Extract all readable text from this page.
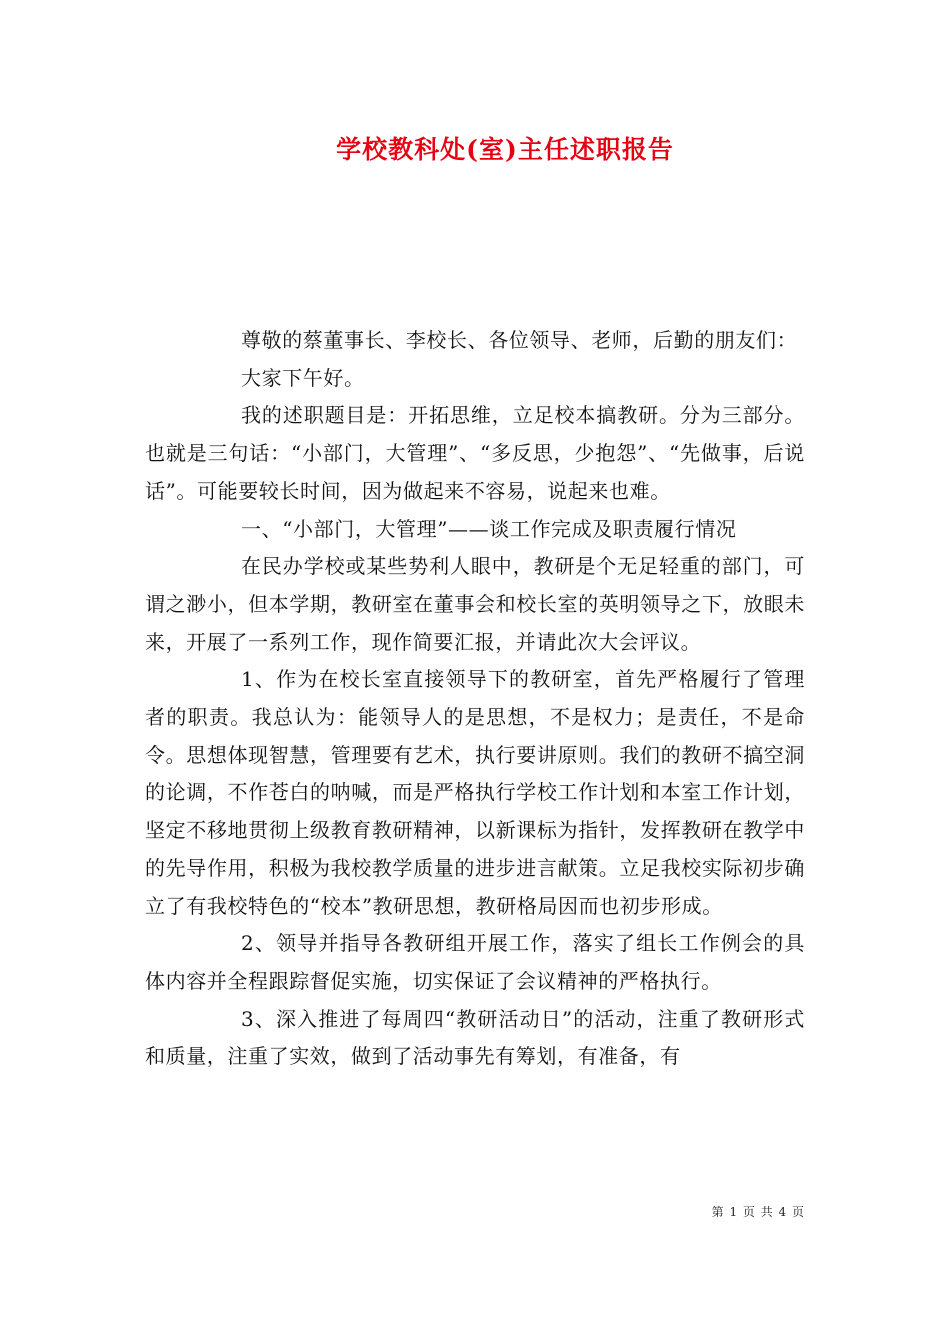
学校教科处(室)主任述职报告

尊敬的蔡董事长、李校长、各位领导、老师，后勤的朋友们：

大家下午好。

我的述职题目是：开拓思维，立足校本搞教研。分为三部分。也就是三句话：“小部门，大管理”、“多反思，少抱怨”、“先做事，后说话”。可能要较长时间，因为做起来不容易，说起来也难。

一、“小部门，大管理”——谈工作完成及职责履行情况

在民办学校或某些势利人眼中，教研是个无足轻重的部门，可谓之渺小，但本学期，教研室在董事会和校长室的英明领导之下，放眼未来，开展了一系列工作，现作简要汇报，并请此次大会评议。

1、作为在校长室直接领导下的教研室，首先严格履行了管理者的职责。我总认为：能领导人的是思想，不是权力；是责任，不是命令。思想体现智慧，管理要有艺术，执行要讲原则。我们的教研不搞空洞的论调，不作苍白的呐喊，而是严格执行学校工作计划和本室工作计划，坚定不移地贯彻上级教育教研精神，以新课标为指针，发挥教研在教学中的先导作用，积极为我校教学质量的进步进言献策。立足我校实际初步确立了有我校特色的“校本”教研思想，教研格局因而也初步形成。

2、领导并指导各教研组开展工作，落实了组长工作例会的具体内容并全程跟踪督促实施，切实保证了会议精神的严格执行。

3、深入推进了每周四“教研活动日”的活动，注重了教研形式和质量，注重了实效，做到了活动事先有筹划，有准备，有

第 1 页 共 4 页
